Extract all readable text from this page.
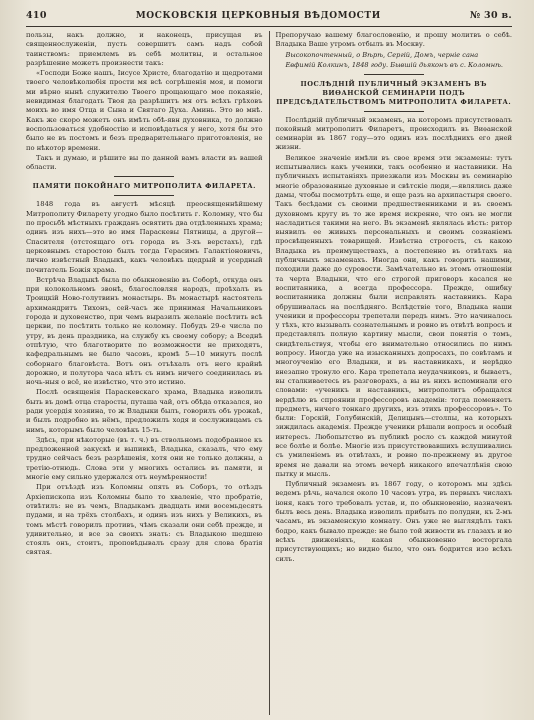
410	МОСКОВСКІЯ ЦЕРКОВНЫЯ ВѢДОМОСТИ	№ 30 в.

пользы, накъ должно, и наконецъ, присущая въ священнослуженіи, пусть совершитъ самъ надъ собой таинствомъ: приемлемъ въ себѣ молитвы, и остальное разрѣшение можетъ произнести такъ:

«Господи Боже нашъ, Іисусе Христе, благодатію и щедротами твоего человѣколюбія прости мя всѣ согрѣшенія моя, и помоги ми вѣрно нынѣ служителю Твоего прощающаго мое покаяніе, невидимая благодать Твоя да разрѣшитъ мя отъ всѣхъ грѣховъ моихъ во имя Отца и Сына и Святаго Духа. Аминь. Это во мнѣ. Какъ же скоро можетъ онъ имѣть обѣ-явн духовника, то должно воспользоваться удобностію и исповѣдаться у него, хотя бы это было не въ постомъ и безъ предварительнаго приготовленія, не по нѣкотор времени.

Такъ и думаю, и рѣшите вы по данной вамъ власти въ вашей области.

ПАМЯТИ ПОКОЙНАГО МИТРОПОЛИТА ФИЛАРЕТА.

1848 года въ августѣ мѣсяцѣ преосвященнѣйшему Митрополиту Филарету угодно было посѣтить г. Коломну, что бы по просьбѣ мѣстныхъ гражданъ освятить два отдѣленныхъ храма; одинъ изъ нихъ—это во имя Параскевы Пятницы, а другой—Спасителя (отстоящаго отъ города въ 3-хъ верстахъ), гдѣ церковнымъ старостою былъ тогда Герасимъ Галактіоновичъ, лично извѣстный Владыкѣ, какъ человѣкъ щедрый и усердный почитатель Божія храма.

Встрѣча Владыкѣ была по обыкновенію въ Соборѣ, откуда онъ при колокольномъ звонѣ, благословляя народъ, проѣхалъ въ Троицкій Ново-голутвинъ монастырь. Въ монастырѣ настоятель архимандритъ Тихонъ, сей-часъ же принимая Начальниковъ города и духовенство, при чемъ выразилъ желаніе посѣтить всѣ церкви, по посѣтить только не коломну. Побудъ 29-е числа по утру, въ день праздника, на службу къ своему собору; а Вседнѣ отпѣтую, что благотворите по возможности не приходятъ, кафедральнымъ не было часовъ, кромѣ 5—10 минутъ послѣ соборнаго благовѣста. Вотъ онъ отъѣхалъ отъ него крайнѣ дорожно, и полутора часа нѣтъ съ нимъ ничего соединилась въ ночь-ныя о всё, не извѣстно, что это истино.

Послѣ освященія Параскевскаго храма, Владыка изволилъ быть въ домѣ отца старосты, путаша чай, отъ обѣда отказался, но ради усердія хозяина, то ж Владыки былъ, говорилъ объ урожаѣ, и былъ подробно въ нёмъ, предложилъ ходя и сослуживцамъ съ нимъ, которымъ было человѣкъ 15-ть.

Здѣсь, при нѣкоторые (въ т. ч.) въ ствольномъ подобранное къ предложенной закускѣ и выпивкѣ, Владыка, сказалъ, что ему трудно сейчасъ безъ разрѣшенія, хотя они не только должны, а третію-отнюдь. Слова эти у многихъ остались въ памяти, и многіе ему сильно удержался отъ неумѣренности!

При отъѣздѣ изъ Коломны опять въ Соборъ, то отѣздъ Архіепископа изъ Коломны было то хваленіе, что пробратіе, отвѣтилъ: не въ чемъ, Владыкамъ двадцать ими восемьдесятъ пудами, и на трёхъ столбахъ, и одинъ изъ нихъ у Великихъ, въ томъ мѣстѣ говорилъ противъ, чѣмъ сказали они себѣ прежде, и удивительно, и все за своихъ знать: съ Владыкою шедшею стоялъ онъ, стоитъ, проповѣдывалъ сразу для слова братія святая.

Препоручаю вашему благословенію, и прошу молитвъ о себѣ. Владыка Ваше утромъ отбылъ въ Москву.

Высокопочтенный, о Вѣрѣ, Сергій, Домъ, черніе сана

Евфимій Колкинъ, 1848 году. Бывшій дьяконъ въ с. Коломнѣ.

ПОСЛѢДНІЙ ПУБЛИЧНЫЙ ЭКЗАМЕНЪ ВЪ ВИѲАНСКОЙ СЕМИНАРІИ ПОДЪ ПРЕДСѢДАТЕЛЬСТВОМЪ МИТРОПОЛИТА ФИЛАРЕТА.

Послѣдній публичный экзаменъ, на которомъ присутствовалъ покойный митрополитъ Филаретъ, происходилъ въ Виѳанской семинаріи въ 1867 году—это одинъ изъ послѣднихъ его дней жизни.

Великое значеніе имѣли въ свое время эти экзамены: тутъ испытывались какъ ученики, такъ особенно и наставники. На публичныхъ испытаніяхъ приезжали изъ Москвы въ семинарію многіе образованные духовные и свѣтскіе люди,—являлись даже дамы, чтобы посмотрѣть еще, и еще разъ на архипастыря своего. Такъ бесѣдами съ своими предшественниками и въ своемъ духовномъ кругу въ то же время искренне, что онъ не могли насладиться такими на него. Въ экзаменѣ являлась вѣсть: ритор выявилъ ее живыхъ персональныхъ и своимъ сознаніемъ просвѣщенныхъ товарищей. Извѣстна строгость, съ какою Владыка въ преимуществахъ, а постепенно въ отвѣтахъ на публичныхъ экзаменахъ. Иногда они, какъ говорить нашими, походили даже до суровости. Замѣчательно въ этомъ отношеніи та черта Владыки, что его строгой приговоръ касался не воспитанника, а всегда профессора. Прежде, ошибку воспитанника должны были исправлять наставникъ. Кара обрушивалась на послѣдняго. Вслѣдствіе того, Владыка наши ученики и профессоры трепетали передъ нимъ. Это начиналось у тѣхъ, кто вызывалъ сознательнымъ и ровно въ отвѣтѣ вопросъ и представлялъ полную картину мысли, свои понятія о томъ, свидѣтельствуя, чтобы его внимательно относились по нимъ вопросу. Иногда уже на изысканныхъ допросахъ, по совѣтамъ и многоученію его Владыки, и въ наставникахъ, и нерѣдко внезапно тронуло его. Кара трепетала неудачниковъ, и бываетъ, вы сталкиваетесь въ разговорахъ, а вы въ нихъ вспоминали его словами: «ученикъ и наставникъ, митрополитъ обращался вердѣлю въ спроянии профессоровъ академіи: тогда поменяетъ предметъ, ничего тонкаго другихъ, изъ этихъ профессоровъ». То были: Горскій, Голубинскій, Делицынъ—столпы, на которыхъ зиждилась академія. Прежде ученики рѣшали вопросъ и особый интересъ. Любопытство въ публикѣ росло съ каждой минутой все болѣе и болѣе. Многіе изъ присутствовавшихъ вслушивались съ умиленіемъ въ отвѣтахъ, и ровно по-прежнему въ другое время не давали на этомъ вечерѣ никакого впечатлѣнія свою пытку и мысль.

Публичный экзаменъ въ 1867 году, о которомъ мы здѣсь ведемъ рѣчь, начался около 10 часовъ утра, въ первыхъ числахъ іюня, какъ того требовалъ устав, и, по обыкновенію, назначенъ былъ весь день. Владыка изволилъ прибыть по полудни, къ 2-мъ часамъ, въ экзаменскую комнату. Онъ уже не выглядѣлъ такъ бодро, какъ бывало прежде: не было той живости въ глазахъ и во всѣхъ движеніяхъ, какая обыкновенно восторгала присутствующихъ; но видно было, что онъ бодрится изо всѣхъ силъ.
